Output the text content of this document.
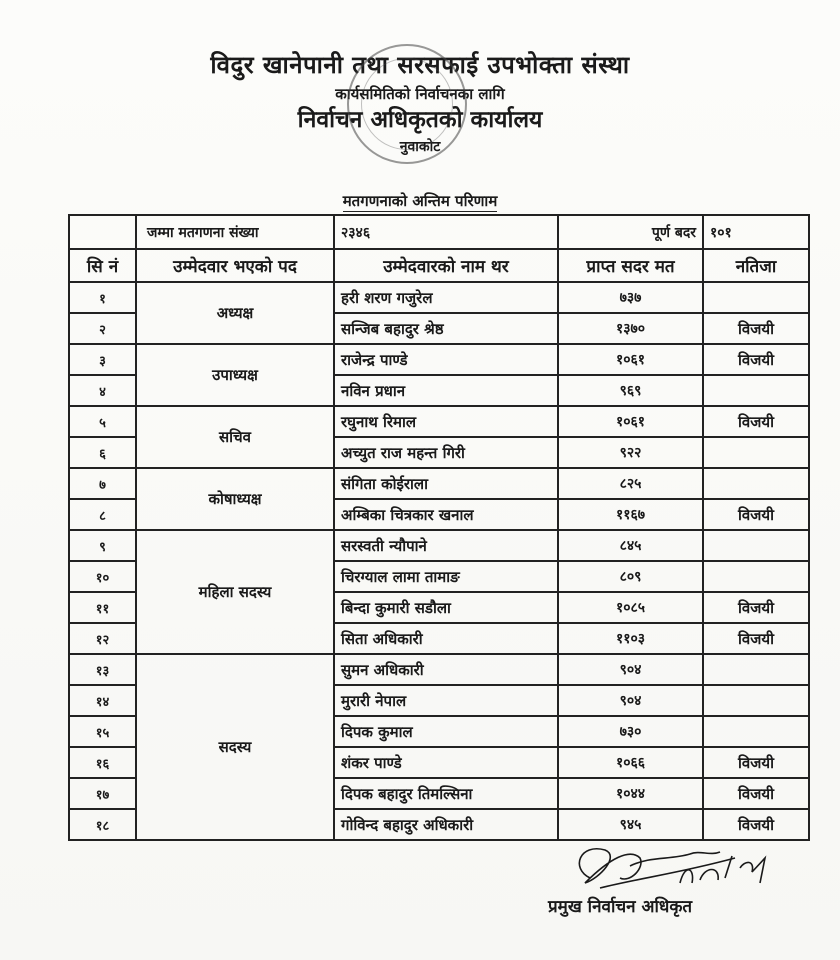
विदुर खानेपानी तथा सरसफाई उपभोक्ता संस्था
कार्यसमितिको निर्वाचनका लागि
निर्वाचन अधिकृतको कार्यालय
नुवाकोट
मतगणनाको अन्तिम परिणाम
	जम्मा मतगणना संख्या	२३४६	पूर्ण बदर	१०१
सि नं	उम्मेदवार भएको पद	उम्मेदवारको नाम थर	प्राप्त सदर मत	नतिजा
१	अध्यक्ष	हरी शरण गजुरेल	७३७	
२		सन्जिब बहादुर श्रेष्ठ	१३७०	विजयी
३	उपाध्यक्ष	राजेन्द्र पाण्डे	१०६१	विजयी
४		नविन प्रधान	९६९	
५	सचिव	रघुनाथ रिमाल	१०६१	विजयी
६		अच्युत राज महन्त गिरी	९२२	
७	कोषाध्यक्ष	संगिता कोईराला	८२५	
८		अम्बिका चित्रकार खनाल	११६७	विजयी
९	महिला सदस्य	सरस्वती न्यौपाने	८४५	
१०		चिरग्याल लामा तामाङ	८०९	
११		बिन्दा कुमारी सडौला	१०८५	विजयी
१२		सिता अधिकारी	११०३	विजयी
१३	सदस्य	सुमन अधिकारी	९०४	
१४		मुरारी नेपाल	९०४	
१५		दिपक कुमाल	७३०	
१६		शंकर पाण्डे	१०६६	विजयी
१७		दिपक बहादुर तिमल्सिना	१०४४	विजयी
१८		गोविन्द बहादुर अधिकारी	९४५	विजयी
प्रमुख निर्वाचन अधिकृत
